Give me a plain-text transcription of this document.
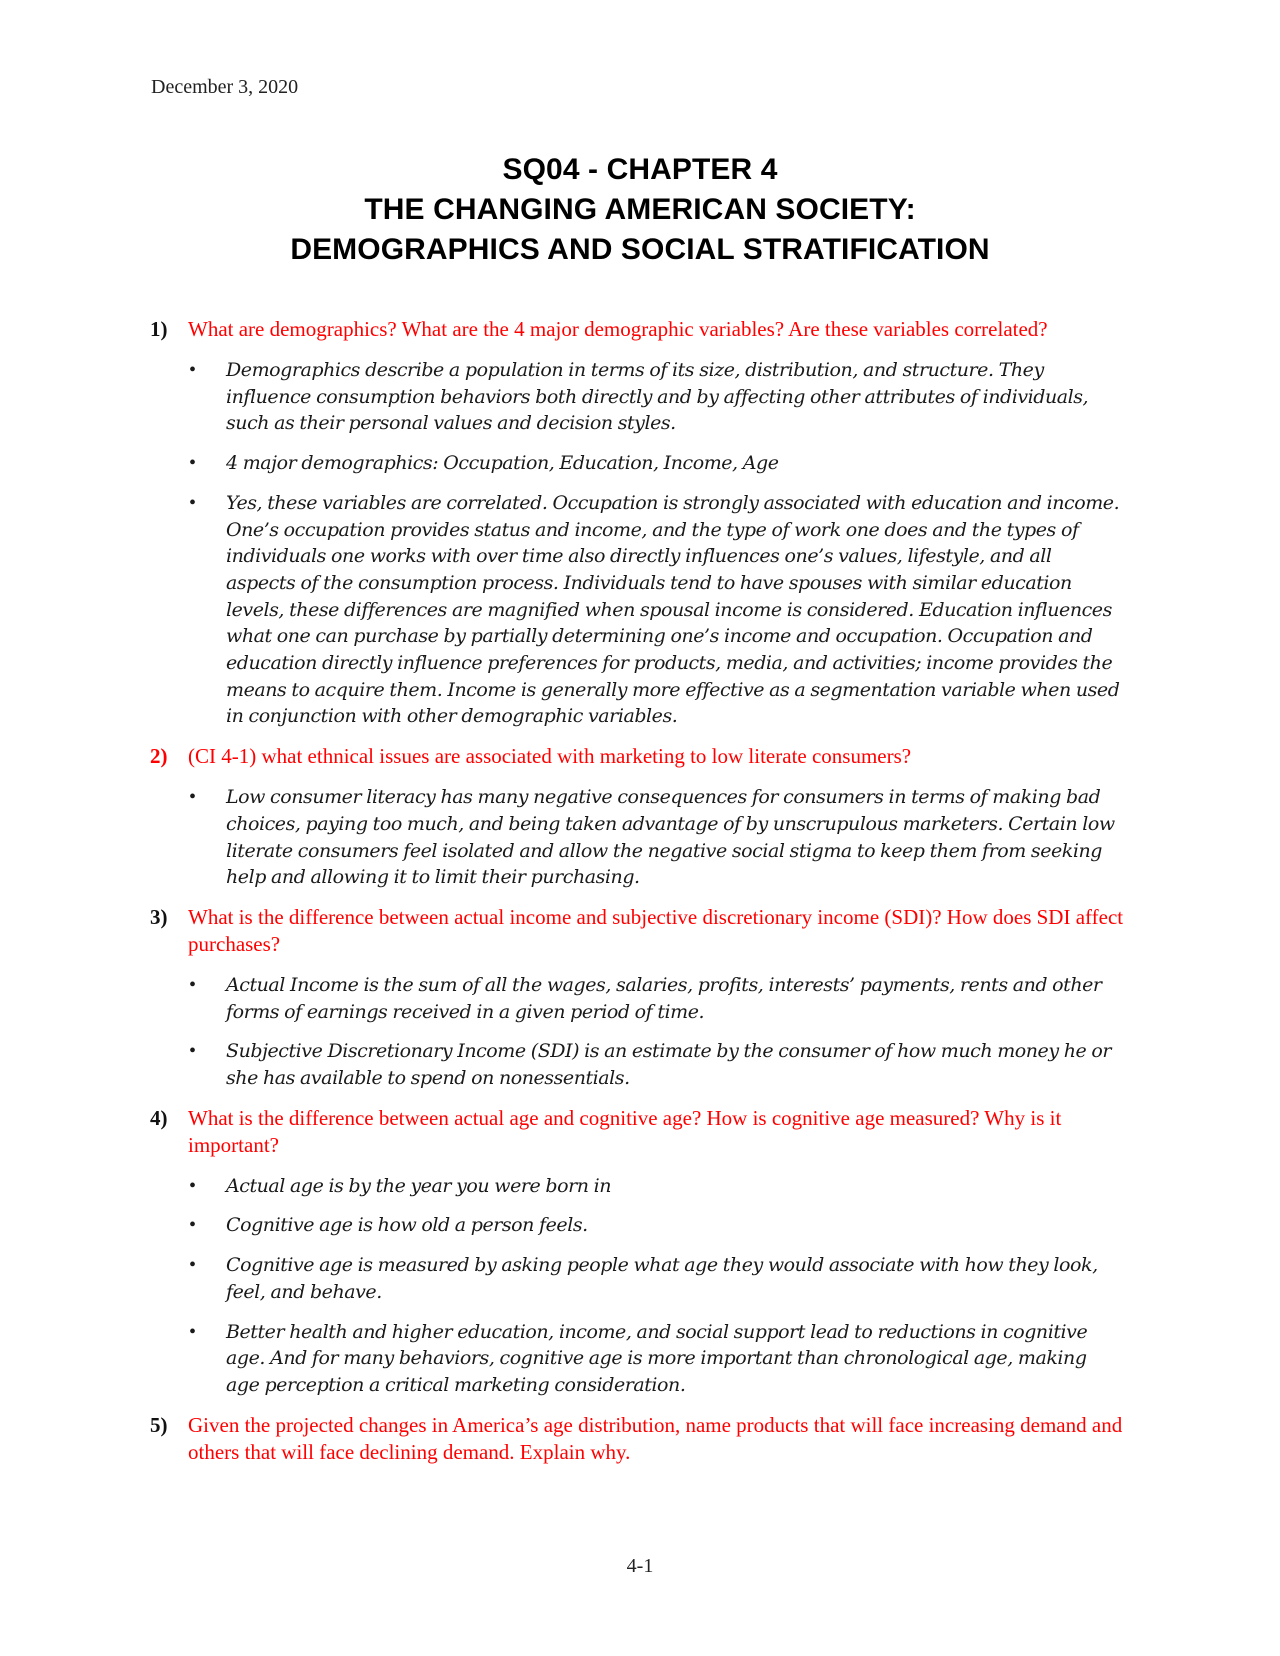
December 3, 2020
SQ04 - CHAPTER 4
THE CHANGING AMERICAN SOCIETY:
DEMOGRAPHICS AND SOCIAL STRATIFICATION
1) What are demographics? What are the 4 major demographic variables? Are these variables correlated?
• Demographics describe a population in terms of its size, distribution, and structure. They influence consumption behaviors both directly and by affecting other attributes of individuals, such as their personal values and decision styles.
• 4 major demographics: Occupation, Education, Income, Age
• Yes, these variables are correlated. Occupation is strongly associated with education and income. One’s occupation provides status and income, and the type of work one does and the types of individuals one works with over time also directly influences one’s values, lifestyle, and all aspects of the consumption process. Individuals tend to have spouses with similar education levels, these differences are magnified when spousal income is considered. Education influences what one can purchase by partially determining one’s income and occupation. Occupation and education directly influence preferences for products, media, and activities; income provides the means to acquire them. Income is generally more effective as a segmentation variable when used in conjunction with other demographic variables.
2) (CI 4-1) what ethnical issues are associated with marketing to low literate consumers?
• Low consumer literacy has many negative consequences for consumers in terms of making bad choices, paying too much, and being taken advantage of by unscrupulous marketers. Certain low literate consumers feel isolated and allow the negative social stigma to keep them from seeking help and allowing it to limit their purchasing.
3) What is the difference between actual income and subjective discretionary income (SDI)? How does SDI affect purchases?
• Actual Income is the sum of all the wages, salaries, profits, interests’ payments, rents and other forms of earnings received in a given period of time.
• Subjective Discretionary Income (SDI) is an estimate by the consumer of how much money he or she has available to spend on nonessentials.
4) What is the difference between actual age and cognitive age? How is cognitive age measured? Why is it important?
• Actual age is by the year you were born in
• Cognitive age is how old a person feels.
• Cognitive age is measured by asking people what age they would associate with how they look, feel, and behave.
• Better health and higher education, income, and social support lead to reductions in cognitive age. And for many behaviors, cognitive age is more important than chronological age, making age perception a critical marketing consideration.
5) Given the projected changes in America’s age distribution, name products that will face increasing demand and others that will face declining demand. Explain why.
4-1
